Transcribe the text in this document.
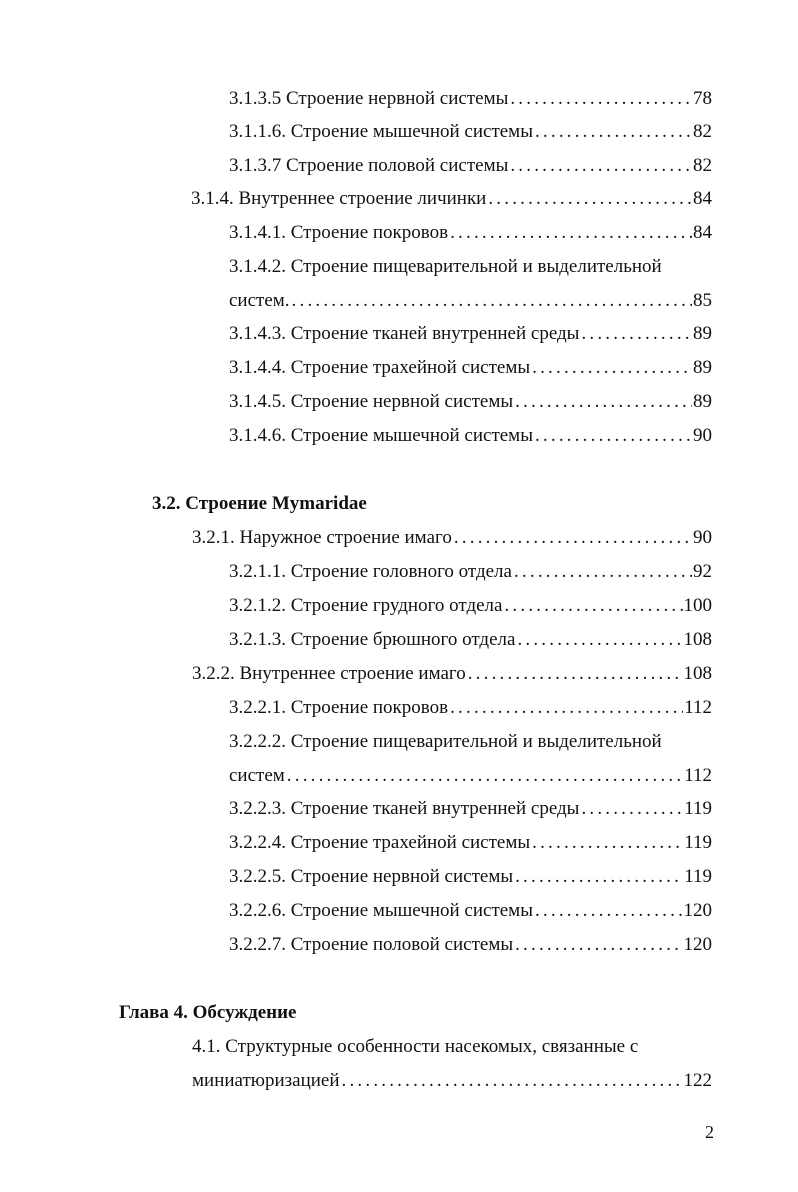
3.1.3.5 Строение нервной системы .....	78
3.1.1.6. Строение мышечной системы .....	82
3.1.3.7 Строение половой системы .....	82
3.1.4. Внутреннее строение личинки .....	84
3.1.4.1. Строение покровов .....	84
3.1.4.2. Строение пищеварительной и выделительной
систем. .....	85
3.1.4.3. Строение тканей внутренней среды .....	89
3.1.4.4. Строение трахейной системы .....	89
3.1.4.5. Строение нервной системы .....	89
3.1.4.6. Строение мышечной системы .....	90
3.2. Строение Mymaridae
3.2.1. Наружное строение имаго .....	90
3.2.1.1. Строение головного отдела .....	92
3.2.1.2. Строение грудного отдела .....	100
3.2.1.3. Строение брюшного отдела .....	108
3.2.2. Внутреннее строение имаго .....	108
3.2.2.1. Строение покровов .....	112
3.2.2.2. Строение пищеварительной и выделительной
систем .....	112
3.2.2.3. Строение тканей внутренней среды .....	119
3.2.2.4. Строение трахейной системы .....	119
3.2.2.5. Строение нервной системы .....	119
3.2.2.6. Строение мышечной системы .....	120
3.2.2.7. Строение половой системы .....	120
Глава 4. Обсуждение
4.1. Структурные особенности насекомых, связанные с
миниатюризацией .....	122
2
